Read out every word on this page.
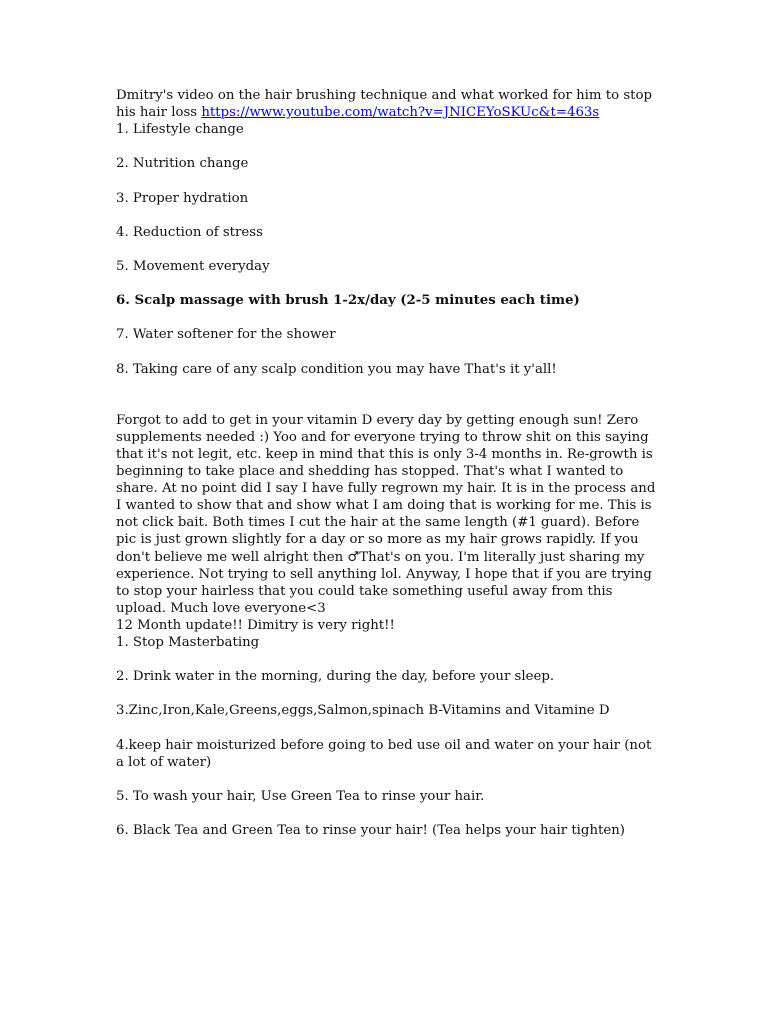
Dmitry's video on the hair brushing technique and what worked for him to stop his hair loss https://www.youtube.com/watch?v=JNICEYoSKUc&t=463s

1. Lifestyle change

2. Nutrition change

3. Proper hydration

4. Reduction of stress

5. Movement everyday

6. Scalp massage with brush 1-2x/day (2-5 minutes each time)

7. Water softener for the shower

8. Taking care of any scalp condition you may have That's it y'all!

Forgot to add to get in your vitamin D every day by getting enough sun! Zero supplements needed :) Yoo and for everyone trying to throw shit on this saying that it's not legit, etc. keep in mind that this is only 3-4 months in. Re-growth is beginning to take place and shedding has stopped. That's what I wanted to share. At no point did I say I have fully regrown my hair. It is in the process and I wanted to show that and show what I am doing that is working for me. This is not click bait. Both times I cut the hair at the same length (#1 guard). Before pic is just grown slightly for a day or so more as my hair grows rapidly. If you don't believe me well alright then ♂That's on you. I'm literally just sharing my experience. Not trying to sell anything lol. Anyway, I hope that if you are trying to stop your hairless that you could take something useful away from this upload. Much love everyone<3

12 Month update!! Dimitry is very right!!

1. Stop Masterbating

2. Drink water in the morning, during the day, before your sleep.

3.Zinc,Iron,Kale,Greens,eggs,Salmon,spinach B-Vitamins and Vitamine D

4.keep hair moisturized before going to bed use oil and water on your hair (not a lot of water)

5. To wash your hair, Use Green Tea to rinse your hair.

6. Black Tea and Green Tea to rinse your hair! (Tea helps your hair tighten)
